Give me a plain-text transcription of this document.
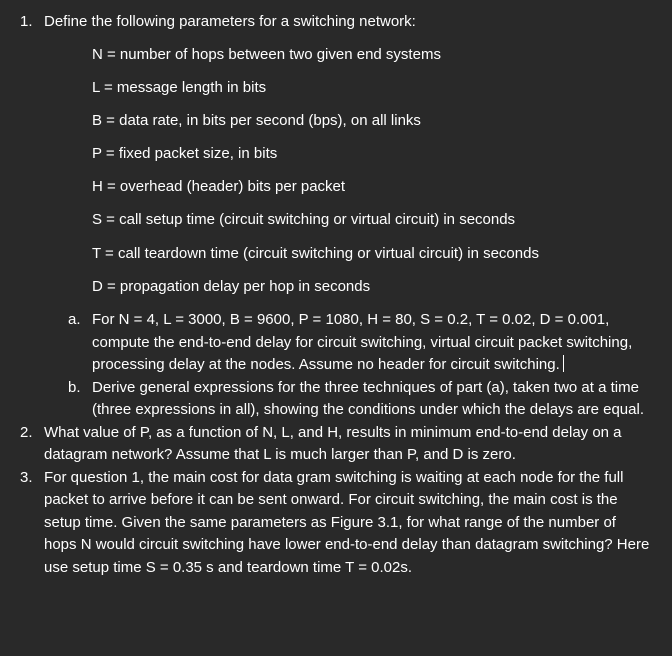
1. Define the following parameters for a switching network:
N = number of hops between two given end systems
L = message length in bits
B = data rate, in bits per second (bps), on all links
P = fixed packet size, in bits
H = overhead (header) bits per packet
S = call setup time (circuit switching or virtual circuit) in seconds
T = call teardown time (circuit switching or virtual circuit) in seconds
D = propagation delay per hop in seconds
a. For N = 4, L = 3000, B = 9600, P = 1080, H = 80, S = 0.2, T = 0.02, D = 0.001, compute the end-to-end delay for circuit switching, virtual circuit packet switching, processing delay at the nodes. Assume no header for circuit switching.
b. Derive general expressions for the three techniques of part (a), taken two at a time (three expressions in all), showing the conditions under which the delays are equal.
2. What value of P, as a function of N, L, and H, results in minimum end-to-end delay on a datagram network? Assume that L is much larger than P, and D is zero.
3. For question 1, the main cost for data gram switching is waiting at each node for the full packet to arrive before it can be sent onward. For circuit switching, the main cost is the setup time. Given the same parameters as Figure 3.1, for what range of the number of hops N would circuit switching have lower end-to-end delay than datagram switching? Here use setup time S = 0.35 s and teardown time T = 0.02s.
